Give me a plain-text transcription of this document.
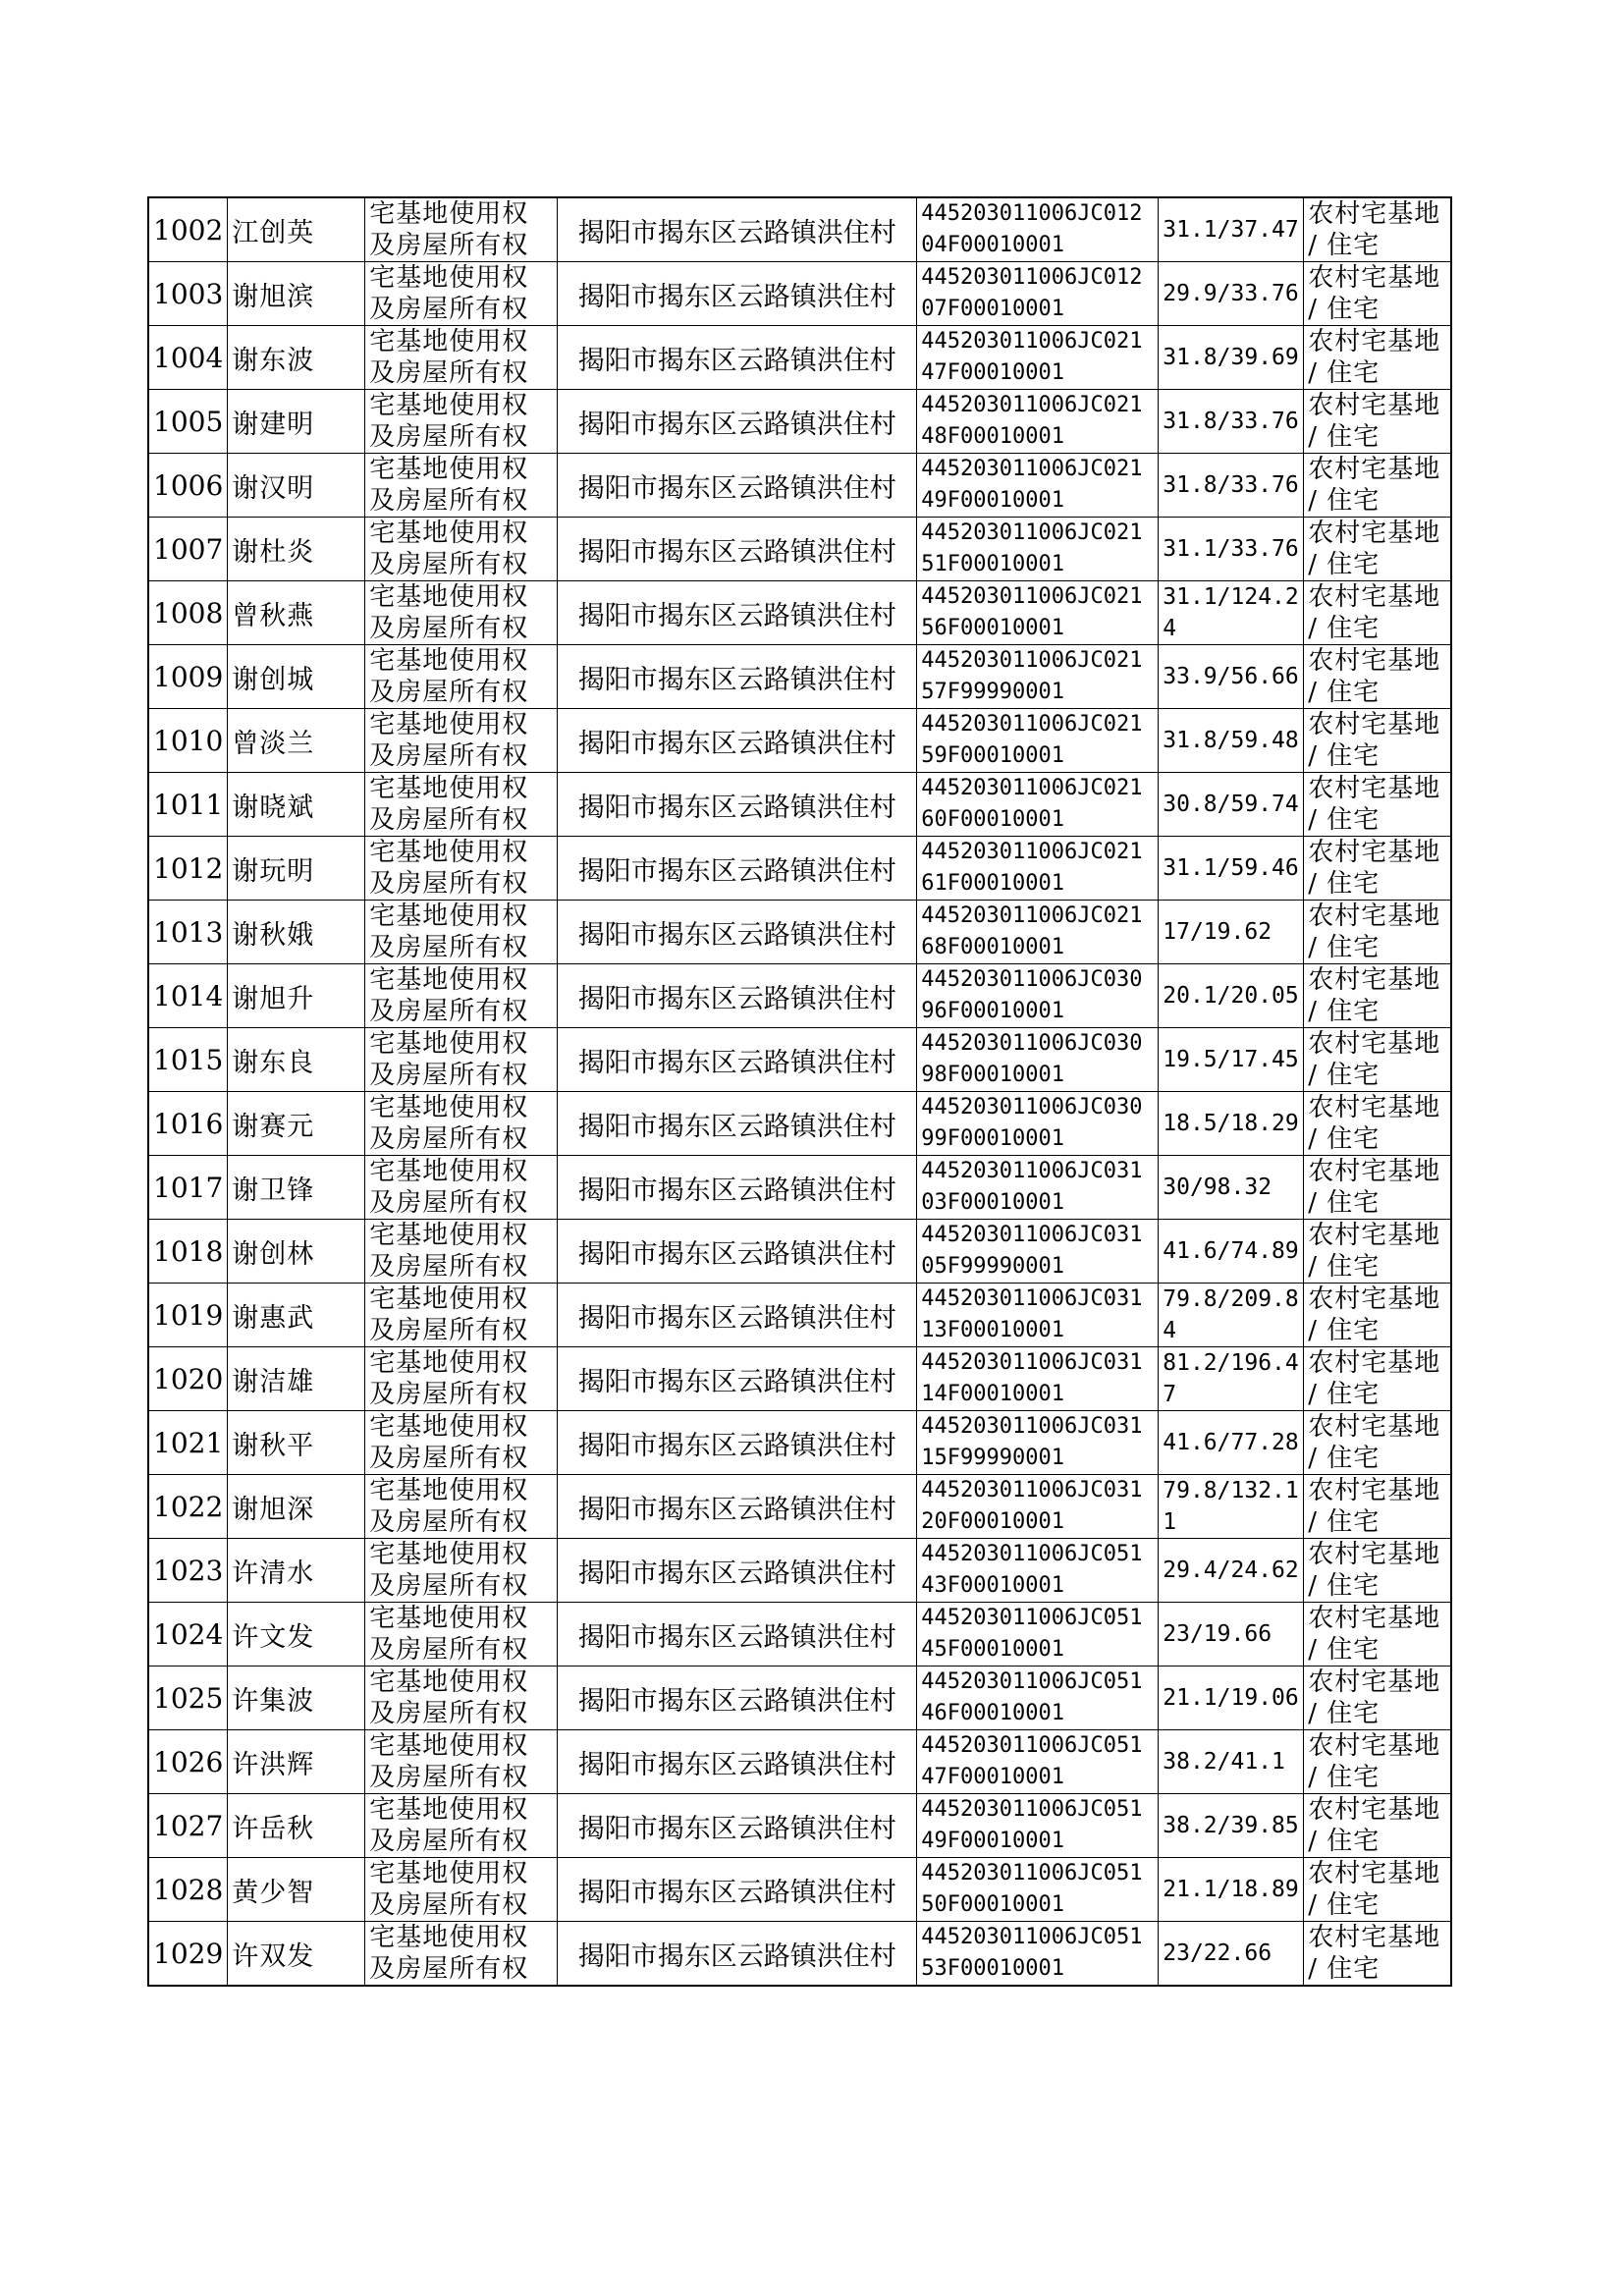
1002	江创英	宅基地使用权及房屋所有权	揭阳市揭东区云路镇洪住村	445203011006JC01204F00010001	31.1/37.47	农村宅基地 / 住宅
1003	谢旭滨	宅基地使用权及房屋所有权	揭阳市揭东区云路镇洪住村	445203011006JC01207F00010001	29.9/33.76	农村宅基地 / 住宅
1004	谢东波	宅基地使用权及房屋所有权	揭阳市揭东区云路镇洪住村	445203011006JC02147F00010001	31.8/39.69	农村宅基地 / 住宅
1005	谢建明	宅基地使用权及房屋所有权	揭阳市揭东区云路镇洪住村	445203011006JC02148F00010001	31.8/33.76	农村宅基地 / 住宅
1006	谢汉明	宅基地使用权及房屋所有权	揭阳市揭东区云路镇洪住村	445203011006JC02149F00010001	31.8/33.76	农村宅基地 / 住宅
1007	谢杜炎	宅基地使用权及房屋所有权	揭阳市揭东区云路镇洪住村	445203011006JC02151F00010001	31.1/33.76	农村宅基地 / 住宅
1008	曾秋燕	宅基地使用权及房屋所有权	揭阳市揭东区云路镇洪住村	445203011006JC02156F00010001	31.1/124.24	农村宅基地 / 住宅
1009	谢创城	宅基地使用权及房屋所有权	揭阳市揭东区云路镇洪住村	445203011006JC02157F99990001	33.9/56.66	农村宅基地 / 住宅
1010	曾淡兰	宅基地使用权及房屋所有权	揭阳市揭东区云路镇洪住村	445203011006JC02159F00010001	31.8/59.48	农村宅基地 / 住宅
1011	谢晓斌	宅基地使用权及房屋所有权	揭阳市揭东区云路镇洪住村	445203011006JC02160F00010001	30.8/59.74	农村宅基地 / 住宅
1012	谢玩明	宅基地使用权及房屋所有权	揭阳市揭东区云路镇洪住村	445203011006JC02161F00010001	31.1/59.46	农村宅基地 / 住宅
1013	谢秋娥	宅基地使用权及房屋所有权	揭阳市揭东区云路镇洪住村	445203011006JC02168F00010001	17/19.62	农村宅基地 / 住宅
1014	谢旭升	宅基地使用权及房屋所有权	揭阳市揭东区云路镇洪住村	445203011006JC03096F00010001	20.1/20.05	农村宅基地 / 住宅
1015	谢东良	宅基地使用权及房屋所有权	揭阳市揭东区云路镇洪住村	445203011006JC03098F00010001	19.5/17.45	农村宅基地 / 住宅
1016	谢赛元	宅基地使用权及房屋所有权	揭阳市揭东区云路镇洪住村	445203011006JC03099F00010001	18.5/18.29	农村宅基地 / 住宅
1017	谢卫锋	宅基地使用权及房屋所有权	揭阳市揭东区云路镇洪住村	445203011006JC03103F00010001	30/98.32	农村宅基地 / 住宅
1018	谢创林	宅基地使用权及房屋所有权	揭阳市揭东区云路镇洪住村	445203011006JC03105F99990001	41.6/74.89	农村宅基地 / 住宅
1019	谢惠武	宅基地使用权及房屋所有权	揭阳市揭东区云路镇洪住村	445203011006JC03113F00010001	79.8/209.84	农村宅基地 / 住宅
1020	谢洁雄	宅基地使用权及房屋所有权	揭阳市揭东区云路镇洪住村	445203011006JC03114F00010001	81.2/196.47	农村宅基地 / 住宅
1021	谢秋平	宅基地使用权及房屋所有权	揭阳市揭东区云路镇洪住村	445203011006JC03115F99990001	41.6/77.28	农村宅基地 / 住宅
1022	谢旭深	宅基地使用权及房屋所有权	揭阳市揭东区云路镇洪住村	445203011006JC03120F00010001	79.8/132.11	农村宅基地 / 住宅
1023	许清水	宅基地使用权及房屋所有权	揭阳市揭东区云路镇洪住村	445203011006JC05143F00010001	29.4/24.62	农村宅基地 / 住宅
1024	许文发	宅基地使用权及房屋所有权	揭阳市揭东区云路镇洪住村	445203011006JC05145F00010001	23/19.66	农村宅基地 / 住宅
1025	许集波	宅基地使用权及房屋所有权	揭阳市揭东区云路镇洪住村	445203011006JC05146F00010001	21.1/19.06	农村宅基地 / 住宅
1026	许洪辉	宅基地使用权及房屋所有权	揭阳市揭东区云路镇洪住村	445203011006JC05147F00010001	38.2/41.1	农村宅基地 / 住宅
1027	许岳秋	宅基地使用权及房屋所有权	揭阳市揭东区云路镇洪住村	445203011006JC05149F00010001	38.2/39.85	农村宅基地 / 住宅
1028	黄少智	宅基地使用权及房屋所有权	揭阳市揭东区云路镇洪住村	445203011006JC05150F00010001	21.1/18.89	农村宅基地 / 住宅
1029	许双发	宅基地使用权及房屋所有权	揭阳市揭东区云路镇洪住村	445203011006JC05153F00010001	23/22.66	农村宅基地 / 住宅
